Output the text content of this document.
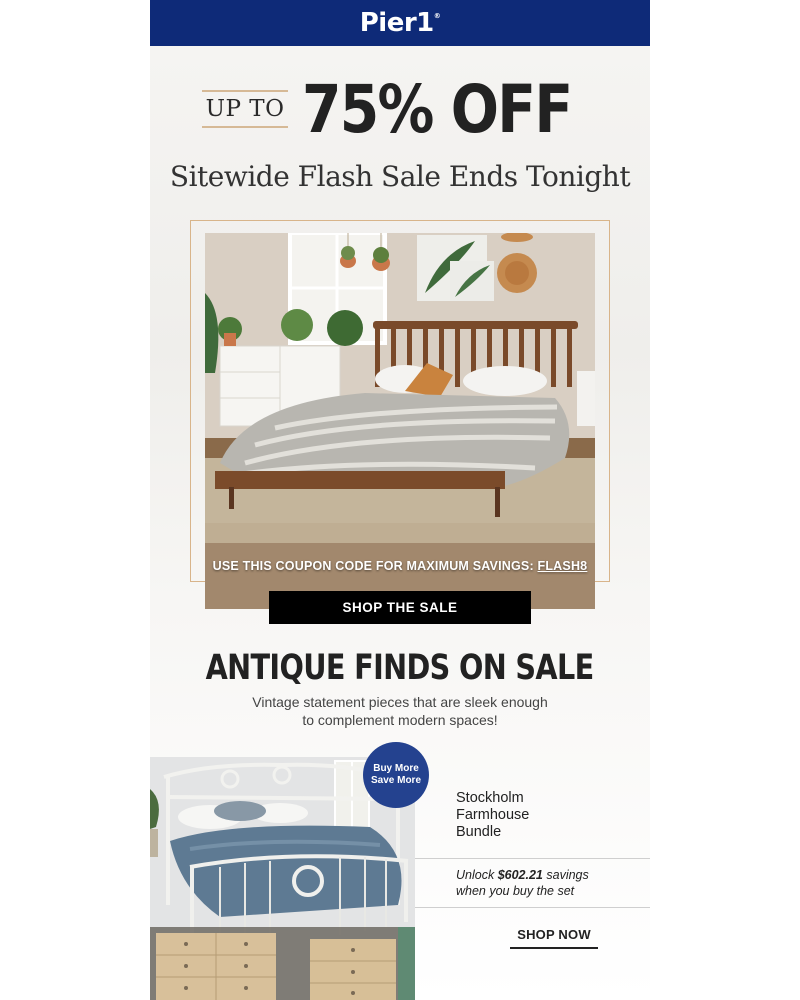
Pier1®
UP TO 75% OFF
Sitewide Flash Sale Ends Tonight
USE THIS COUPON CODE FOR MAXIMUM SAVINGS: FLASH8
SHOP THE SALE
ANTIQUE FINDS ON SALE
Vintage statement pieces that are sleek enough
to complement modern spaces!
Buy More
Save More
Stockholm
Farmhouse
Bundle
Unlock $602.21 savings
when you buy the set
SHOP NOW
